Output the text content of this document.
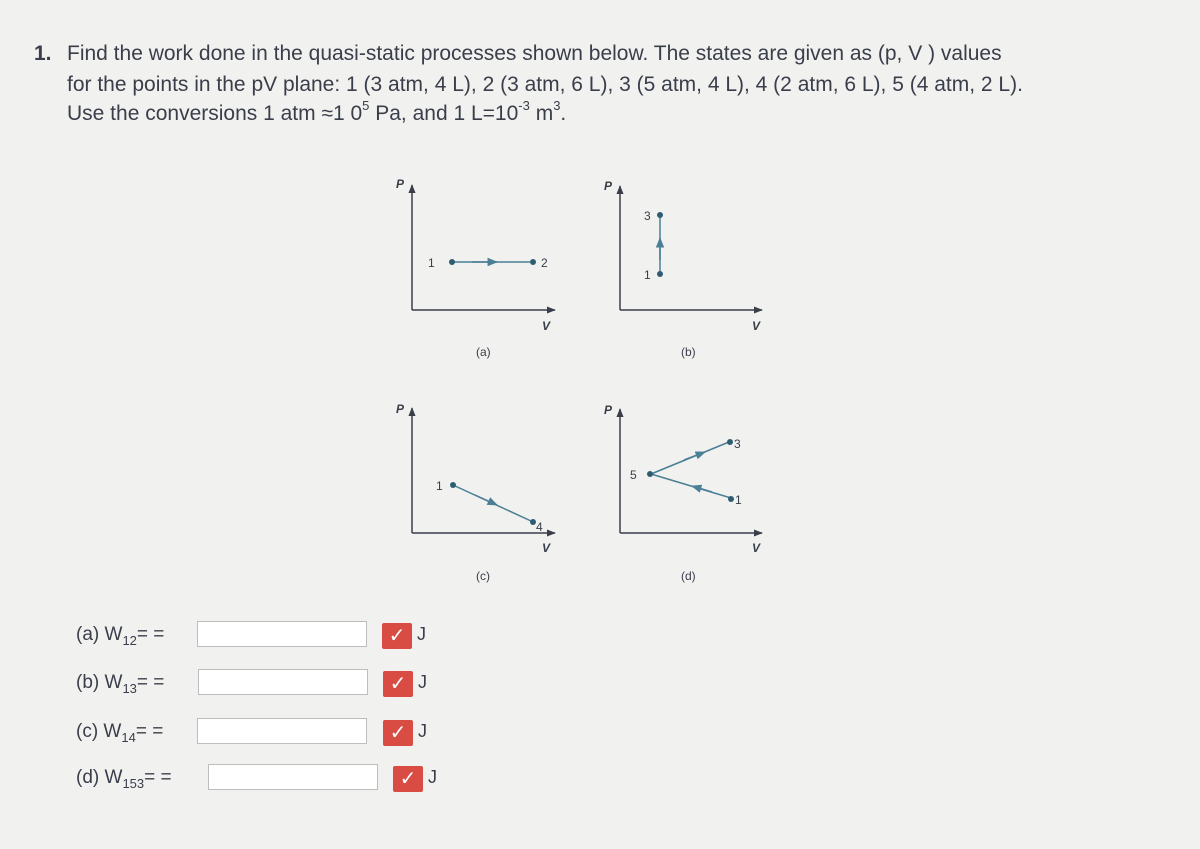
1. Find the work done in the quasi-static processes shown below. The states are given as (p, V ) values
for the points in the pV plane: 1 (3 atm, 4 L), 2 (3 atm, 6 L), 3 (5 atm, 4 L), 4 (2 atm, 6 L), 5 (4 atm, 2 L).
Use the conversions 1 atm ≈1 $0^5$ Pa, and 1 $L=10^{-3}$ $m^3$.
P
V
1	2
(a)
P
V
3
1
(b)
P
V
1
4
(c)
P
V
5
3
1
(d)
(a) $W_{12}=$ =	✓ J
(b) $W_{13}=$ =	✓ J
(c) $W_{14}=$ =	✓ J
(d) $W_{153}=$ =	✓ J
